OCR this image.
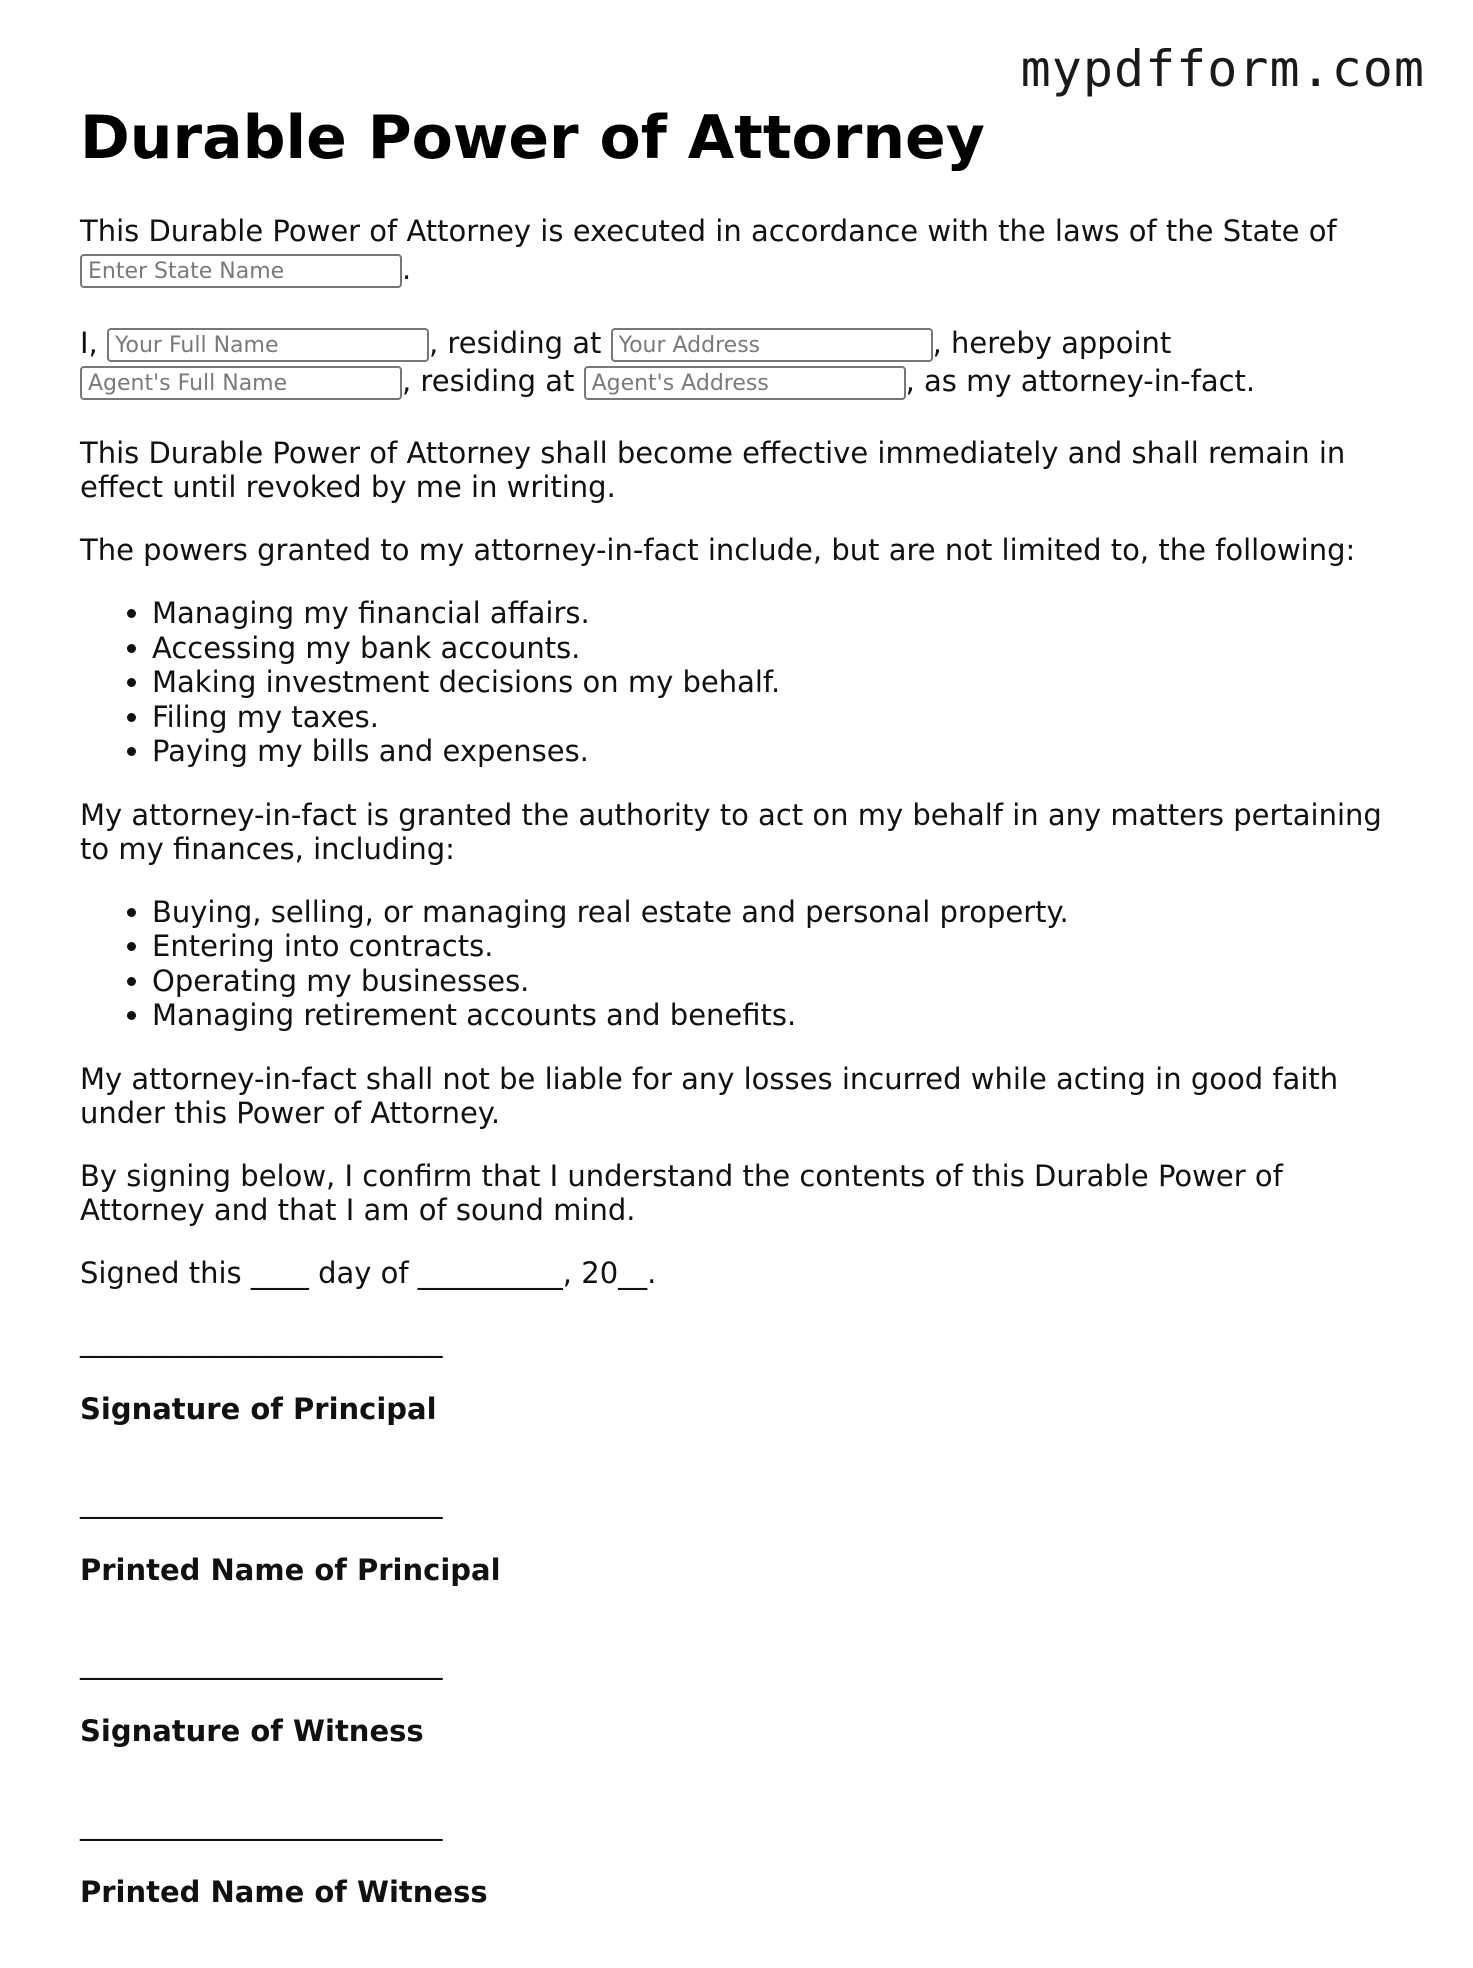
mypdfform.com
Durable Power of Attorney

This Durable Power of Attorney is executed in accordance with the laws of the State of
Enter State Name.

I, Your Full Name	, residing at Your Address	, hereby appoint
Agent's Full Name, residing at Agent's Address	, as my attorney-in-fact.

This Durable Power of Attorney shall become effective immediately and shall remain in effect until revoked by me in writing.

The powers granted to my attorney-in-fact include, but are not limited to, the following:

• Managing my financial affairs.
• Accessing my bank accounts.
• Making investment decisions on my behalf.
• Filing my taxes.
• Paying my bills and expenses.

My attorney-in-fact is granted the authority to act on my behalf in any matters pertaining to my finances, including:

• Buying, selling, or managing real estate and personal property.
• Entering into contracts.
• Operating my businesses.
• Managing retirement accounts and benefits.

My attorney-in-fact shall not be liable for any losses incurred while acting in good faith under this Power of Attorney.

By signing below, I confirm that I understand the contents of this Durable Power of Attorney and that I am of sound mind.

Signed this ____ day of __________, 20__.

_________________________
Signature of Principal
_________________________
Printed Name of Principal
_________________________
Signature of Witness
_________________________
Printed Name of Witness
